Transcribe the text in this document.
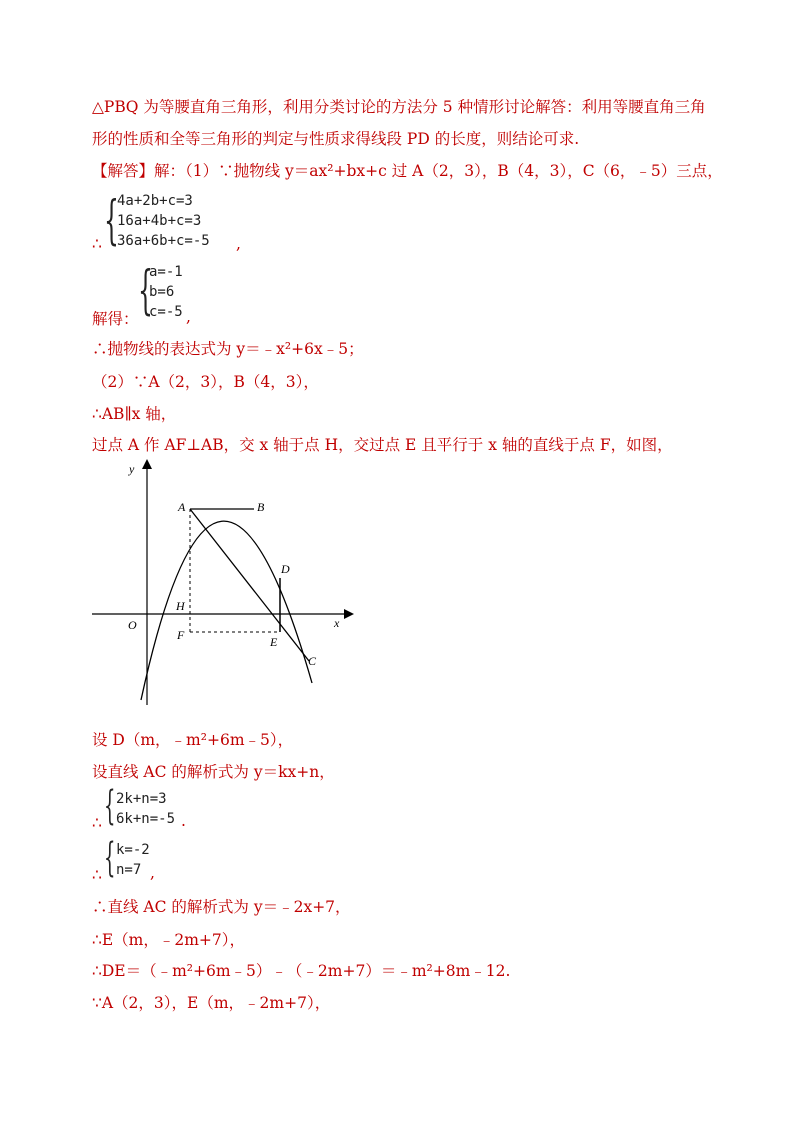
△PBQ 为等腰直角三角形，利用分类讨论的方法分 5 种情形讨论解答：利用等腰直角三角
形的性质和全等三角形的判定与性质求得线段 PD 的长度，则结论可求.
【解答】解：（1）∵抛物线 y＝ax²+bx+c 过 A（2，3），B（4，3），C（6，﹣5）三点，
∴ {
4a+2b+c=3
16a+4b+c=3
36a+6b+c=-5 ,
解得： {
a=-1
b=6
c=-5 ,
∴抛物线的表达式为 y＝﹣x²+6x﹣5；
（2）∵A（2，3），B（4，3），
∴AB∥x 轴，
过点 A 作 AF⊥AB，交 x 轴于点 H，交过点 E 且平行于 x 轴的直线于点 F，如图，
y
x
O
A	B
D
H
F	E
C
设 D（m，﹣m²+6m﹣5），
设直线 AC 的解析式为 y＝kx+n，
∴ { 2k+n=3
6k+n=-5 .
∴ { k=-2
n=7 ,
∴直线 AC 的解析式为 y＝﹣2x+7，
∴E（m，﹣2m+7），
∴DE＝（﹣m²+6m﹣5）﹣（﹣2m+7）＝﹣m²+8m﹣12.
∵A（2，3），E（m，﹣2m+7），
